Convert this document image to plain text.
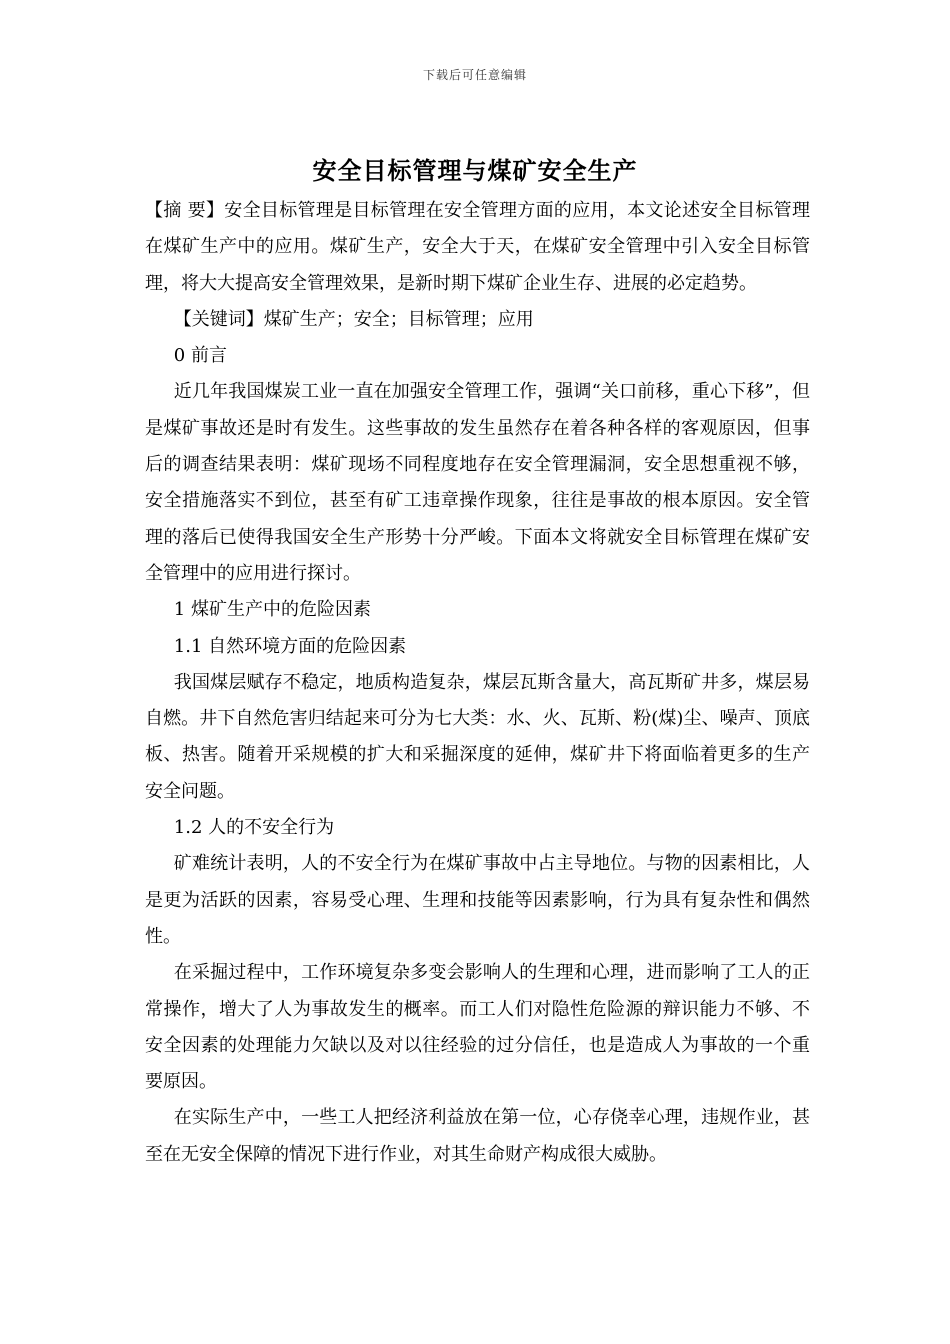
下载后可任意编辑
安全目标管理与煤矿安全生产

【摘 要】安全目标管理是目标管理在安全管理方面的应用，本文论述安全目标管理在煤矿生产中的应用。煤矿生产，安全大于天，在煤矿安全管理中引入安全目标管理，将大大提高安全管理效果，是新时期下煤矿企业生存、进展的必定趋势。

【关键词】煤矿生产；安全；目标管理；应用

0 前言

近几年我国煤炭工业一直在加强安全管理工作，强调“关口前移，重心下移”，但是煤矿事故还是时有发生。这些事故的发生虽然存在着各种各样的客观原因，但事后的调查结果表明：煤矿现场不同程度地存在安全管理漏洞，安全思想重视不够，安全措施落实不到位，甚至有矿工违章操作现象，往往是事故的根本原因。安全管理的落后已使得我国安全生产形势十分严峻。下面本文将就安全目标管理在煤矿安全管理中的应用进行探讨。

1 煤矿生产中的危险因素

1.1 自然环境方面的危险因素

我国煤层赋存不稳定，地质构造复杂，煤层瓦斯含量大，高瓦斯矿井多，煤层易自燃。井下自然危害归结起来可分为七大类：水、火、瓦斯、粉(煤)尘、噪声、顶底板、热害。随着开采规模的扩大和采掘深度的延伸，煤矿井下将面临着更多的生产安全问题。

1.2 人的不安全行为

矿难统计表明，人的不安全行为在煤矿事故中占主导地位。与物的因素相比，人是更为活跃的因素，容易受心理、生理和技能等因素影响，行为具有复杂性和偶然性。

在采掘过程中，工作环境复杂多变会影响人的生理和心理，进而影响了工人的正常操作，增大了人为事故发生的概率。而工人们对隐性危险源的辩识能力不够、不安全因素的处理能力欠缺以及对以往经验的过分信任，也是造成人为事故的一个重要原因。

在实际生产中，一些工人把经济利益放在第一位，心存侥幸心理，违规作业，甚至在无安全保障的情况下进行作业，对其生命财产构成很大威胁。
